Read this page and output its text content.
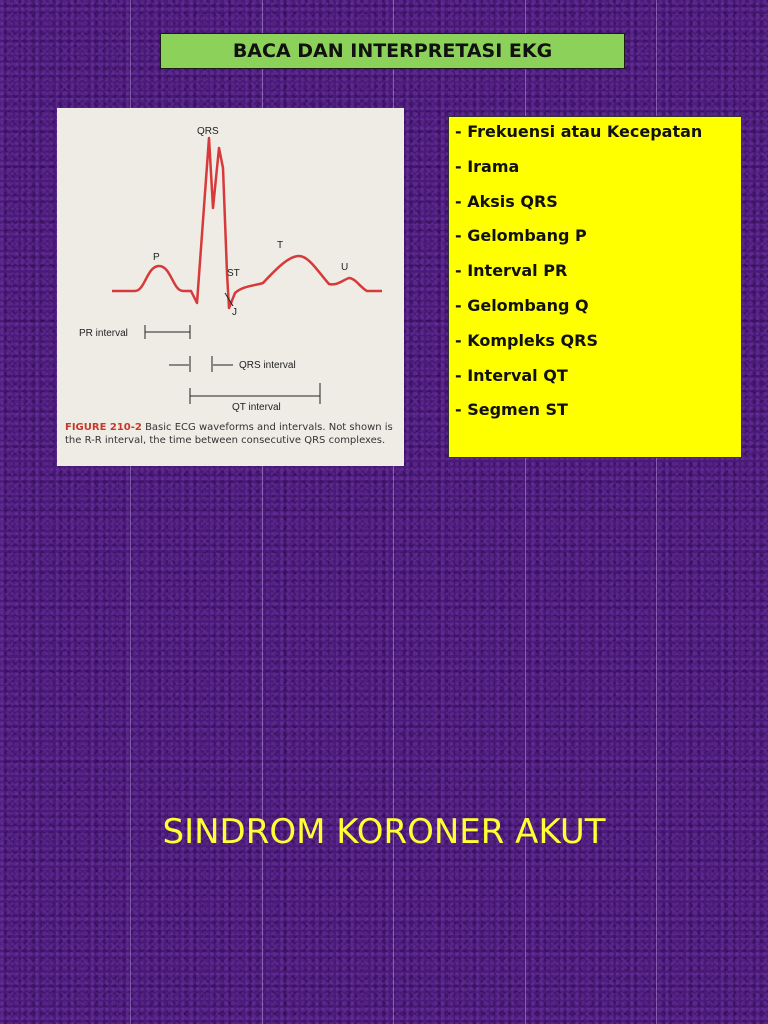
BACA DAN INTERPRETASI EKG
QRS
P
T
U
ST
J
PR interval
QRS interval
QT interval
FIGURE 210-2 Basic ECG waveforms and intervals. Not shown is the R-R interval, the time between consecutive QRS complexes.
- Frekuensi atau Kecepatan
- Irama
- Aksis QRS
- Gelombang P
- Interval PR
- Gelombang Q
- Kompleks QRS
- Interval QT
- Segmen ST
SINDROM KORONER AKUT
